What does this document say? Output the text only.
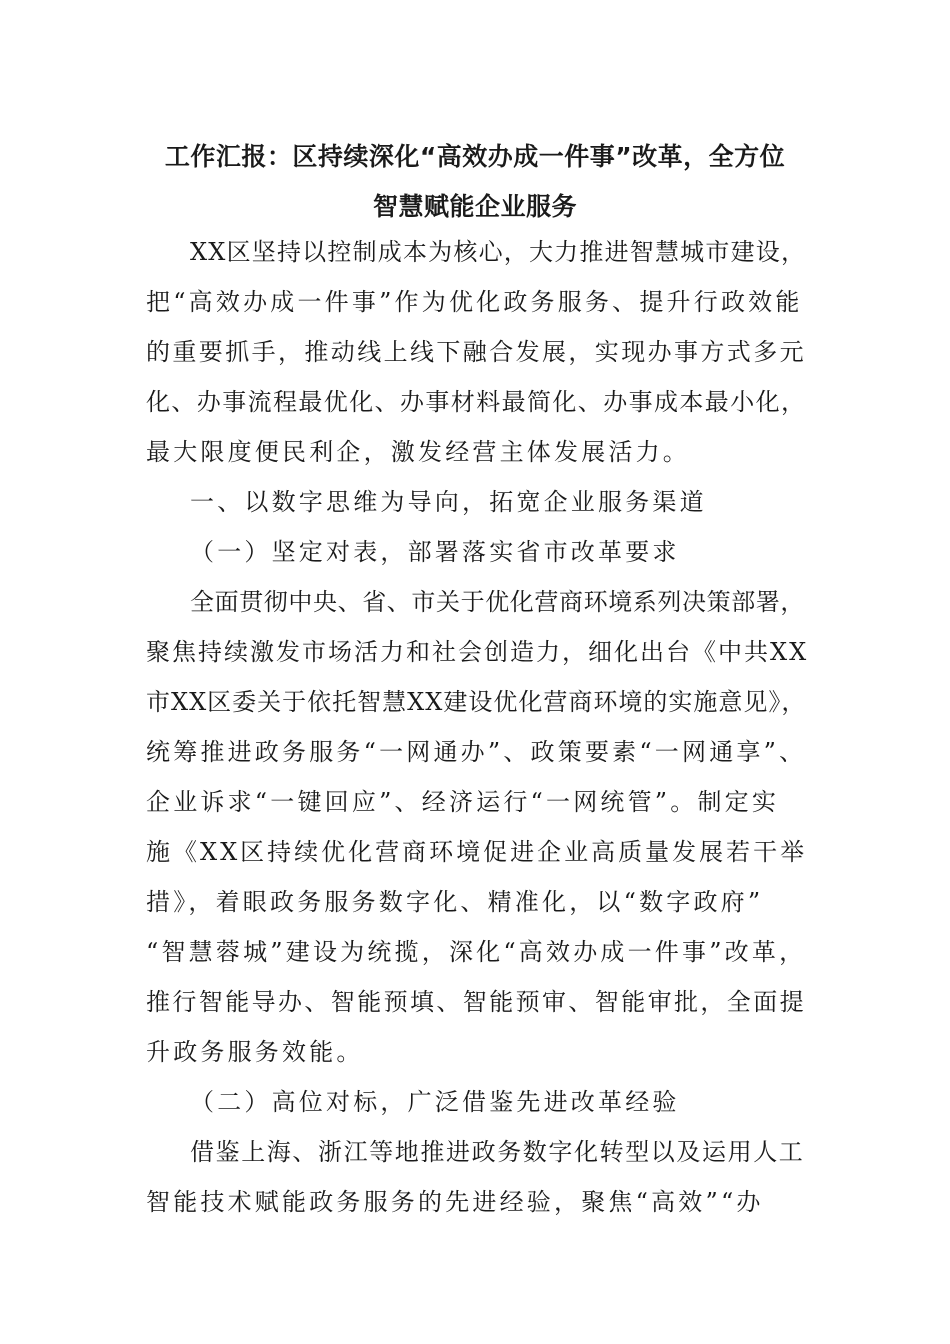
工作汇报：区持续深化“高效办成一件事”改革，全方位
智慧赋能企业服务
XX区坚持以控制成本为核心，大力推进智慧城市建设，
把“高效办成一件事”作为优化政务服务、提升行政效能
的重要抓手，推动线上线下融合发展，实现办事方式多元
化、办事流程最优化、办事材料最简化、办事成本最小化，
最大限度便民利企，激发经营主体发展活力。
一、以数字思维为导向，拓宽企业服务渠道
（一）坚定对表，部署落实省市改革要求
全面贯彻中央、省、市关于优化营商环境系列决策部署，
聚焦持续激发市场活力和社会创造力，细化出台《中共XX
市XX区委关于依托智慧XX建设优化营商环境的实施意见》，
统筹推进政务服务“一网通办”、政策要素“一网通享”、
企业诉求“一键回应”、经济运行“一网统管”。制定实
施《XX区持续优化营商环境促进企业高质量发展若干举
措》，着眼政务服务数字化、精准化，以“数字政府”
“智慧蓉城”建设为统揽，深化“高效办成一件事”改革，
推行智能导办、智能预填、智能预审、智能审批，全面提
升政务服务效能。
（二）高位对标，广泛借鉴先进改革经验
借鉴上海、浙江等地推进政务数字化转型以及运用人工
智能技术赋能政务服务的先进经验，聚焦“高效”“办
